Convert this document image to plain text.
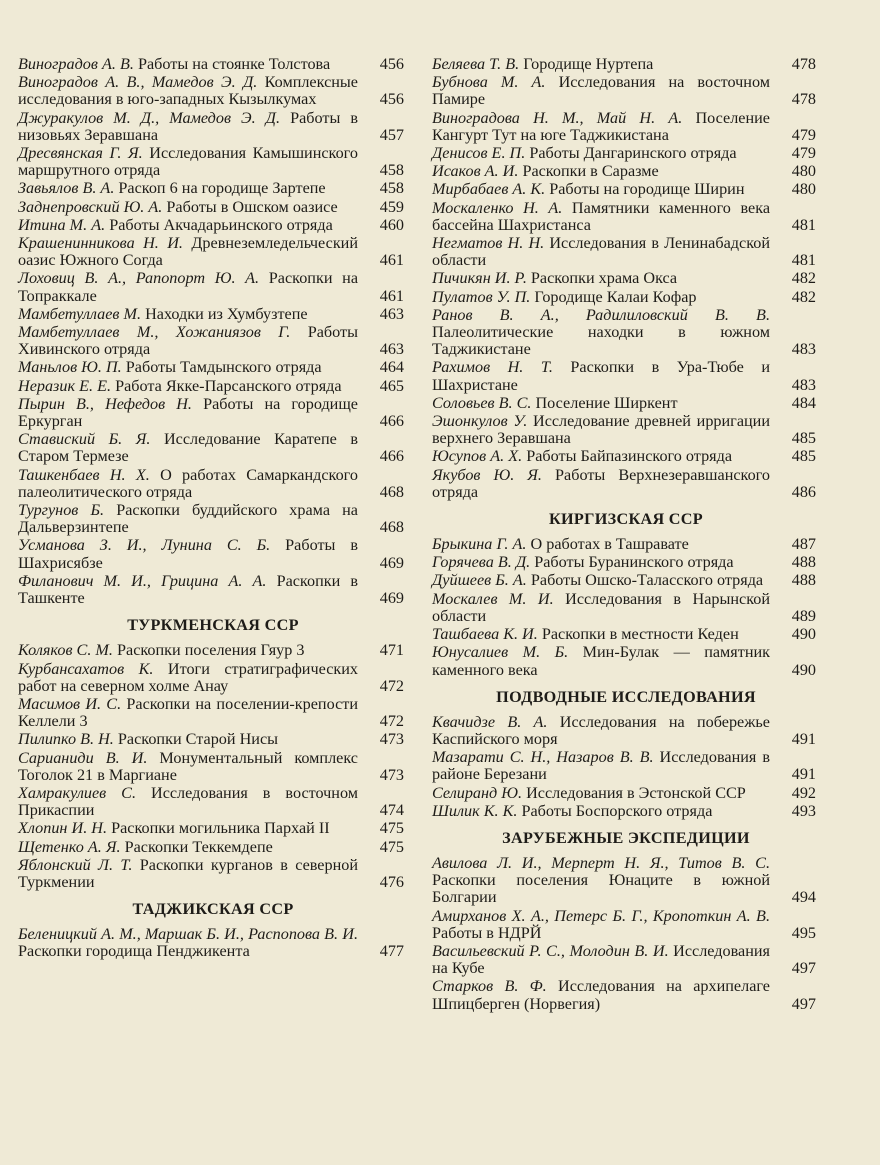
Виноградов А. В. Работы на стоянке Толстова	456
Виноградов А. В., Мамедов Э. Д. Комплексные исследования в юго-западных Кызылкумах	456
Джуракулов М. Д., Мамедов Э. Д. Работы в низовьях Зеравшана	457
Дресвянская Г. Я. Исследования Камышинского маршрутного отряда	458
Завьялов В. А. Раскоп 6 на городище Зартепе	458
Заднепровский Ю. А. Работы в Ошском оазисе	459
Итина М. А. Работы Акчадарьинского отряда	460
Крашенинникова Н. И. Древнеземледельческий оазис Южного Согда	461
Лоховиц В. А., Рапопорт Ю. А. Раскопки на Топраккале	461
Мамбетуллаев М. Находки из Хумбузтепе	463
Мамбетуллаев М., Хожаниязов Г. Работы Хивинского отряда	463
Маньлов Ю. П. Работы Тамдынского отряда	464
Неразик Е. Е. Работа Якке-Парсанского отряда	465
Пырин В., Нефедов Н. Работы на городище Еркурган	466
Ставиский Б. Я. Исследование Каратепе в Старом Термезе	466
Ташкенбаев Н. Х. О работах Самаркандского палеолитического отряда	468
Тургунов Б. Раскопки буддийского храма на Дальверзинтепе	468
Усманова З. И., Лунина С. Б. Работы в Шахрисябзе	469
Филанович М. И., Грицина А. А. Раскопки в Ташкенте	469
ТУРКМЕНСКАЯ ССР
Коляков С. М. Раскопки поселения Гяур 3	471
Курбансахатов К. Итоги стратиграфических работ на северном холме Анау	472
Масимов И. С. Раскопки на поселении-крепости Келлели 3	472
Пилипко В. Н. Раскопки Старой Нисы	473
Сарианиди В. И. Монументальный комплекс Тоголок 21 в Маргиане	473
Хамракулиев С. Исследования в восточном Прикаспии	474
Хлопин И. Н. Раскопки могильника Пархай II	475
Щетенко А. Я. Раскопки Теккемдепе	475
Яблонский Л. Т. Раскопки курганов в северной Туркмении	476
ТАДЖИКСКАЯ ССР
Беленицкий А. М., Маршак Б. И., Распопова В. И. Раскопки городища Пенджикента	477
Беляева Т. В. Городище Нуртепа	478
Бубнова М. А. Исследования на восточном Памире	478
Виноградова Н. М., Май Н. А. Поселение Кангурт Тут на юге Таджикистана	479
Денисов Е. П. Работы Дангаринского отряда	479
Исаков А. И. Раскопки в Саразме	480
Мирбабаев А. К. Работы на городище Ширин	480
Москаленко Н. А. Памятники каменного века бассейна Шахристанса	481
Негматов Н. Н. Исследования в Ленинабадской области	481
Пичикян И. Р. Раскопки храма Окса	482
Пулатов У. П. Городище Калаи Кофар	482
Ранов В. А., Радилиловский В. В. Палеолитические находки в южном Таджикистане	483
Рахимов Н. Т. Раскопки в Ура-Тюбе и Шахристане	483
Соловьев В. С. Поселение Ширкент	484
Эшонкулов У. Исследование древней ирригации верхнего Зеравшана	485
Юсупов А. Х. Работы Байпазинского отряда	485
Якубов Ю. Я. Работы Верхнезеравшанского отряда	486
КИРГИЗСКАЯ ССР
Брыкина Г. А. О работах в Ташравате	487
Горячева В. Д. Работы Буранинского отряда	488
Дуйшеев Б. А. Работы Ошско-Таласского отряда	488
Москалев М. И. Исследования в Нарынской области	489
Ташбаева К. И. Раскопки в местности Кеден	490
Юнусалиев М. Б. Мин-Булак — памятник каменного века	490
ПОДВОДНЫЕ ИССЛЕДОВАНИЯ
Квачидзе В. А. Исследования на побережье Каспийского моря	491
Мазарати С. Н., Назаров В. В. Исследования в районе Березани	491
Селиранд Ю. Исследования в Эстонской ССР	492
Шилик К. К. Работы Боспорского отряда	493
ЗАРУБЕЖНЫЕ ЭКСПЕДИЦИИ
Авилова Л. И., Мерперт Н. Я., Титов В. С. Раскопки поселения Юнаците в южной Болгарии	494
Амирханов Х. А., Петерс Б. Г., Кропоткин А. В. Работы в НДРЙ	495
Васильевский Р. С., Молодин В. И. Исследования на Кубе	497
Старков В. Ф. Исследования на архипелаге Шпицберген (Норвегия)	497
